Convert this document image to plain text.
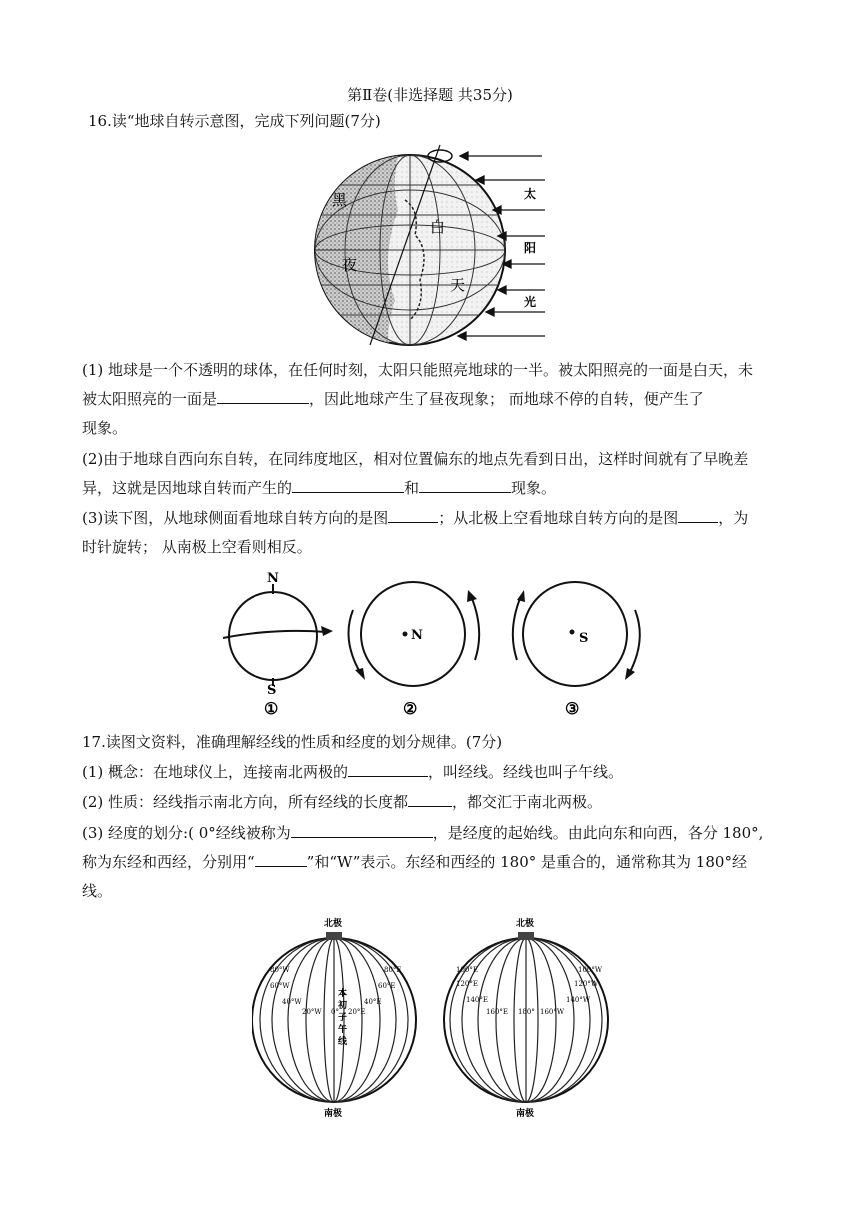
第Ⅱ卷(非选择题 共35分)
16.读“地球自转示意图，完成下列问题(7分)
黑
夜
白
天
太
阳
光
(1) 地球是一个不透明的球体，在任何时刻，太阳只能照亮地球的一半。被太阳照亮的一面是白天，未
被太阳照亮的一面是	，因此地球产生了昼夜现象； 而地球不停的自转，便产生了
现象。
(2)由于地球自西向东自转，在同纬度地区，相对位置偏东的地点先看到日出，这样时间就有了早晚差
异，这就是因地球自转而产生的	和	现象。
(3)读下图，从地球侧面看地球自转方向的是图	；从北极上空看地球自转方向的是图	，为
时针旋转； 从南极上空看则相反。
N
S
①
N
②
S
③
17.读图文资料，准确理解经线的性质和经度的划分规律。(7分)
(1) 概念：在地球仪上，连接南北两极的	，叫经线。经线也叫子午线。
(2) 性质：经线指示南北方向，所有经线的长度都	，都交汇于南北两极。
(3) 经度的划分:( 0°经线被称为	，是经度的起始线。由此向东和向西，各分 180°,
称为东经和西经，分别用“	”和“W”表示。东经和西经的 180° 是重合的，通常称其为 180°经
线。
北极
南极
80°W
60°W
40°W
20°W 0° 20°E
40°E
60°E
80°E
本
初
子
午
线
北极
南极
100°E
120°E
140°E
160°E 180° 160°W
140°W
120°W
100°W
